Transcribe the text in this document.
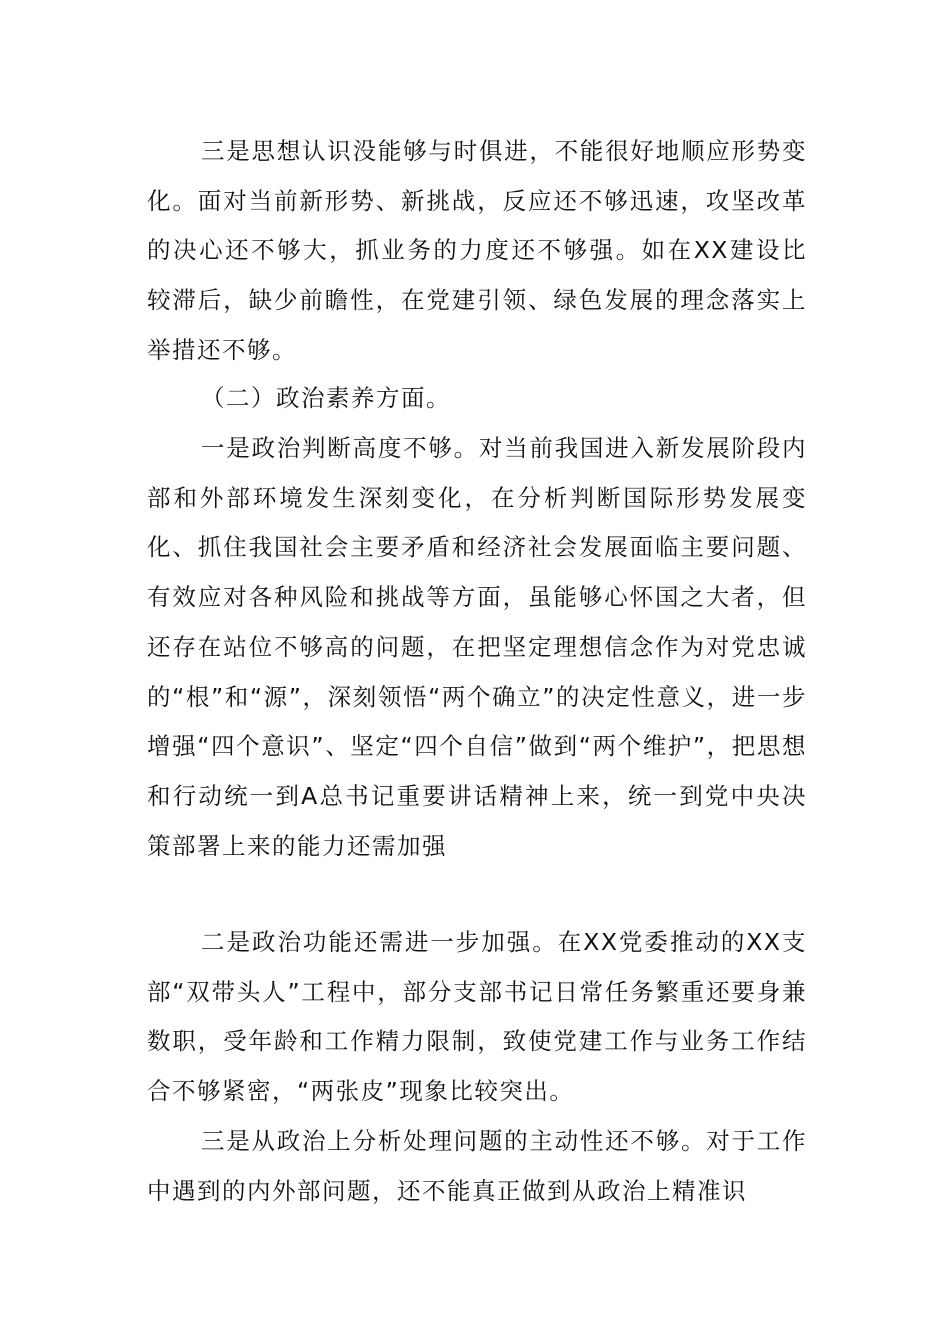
三是思想认识没能够与时俱进，不能很好地顺应形势变化。面对当前新形势、新挑战，反应还不够迅速，攻坚改革的决心还不够大，抓业务的力度还不够强。如在XX建设比较滞后，缺少前瞻性，在党建引领、绿色发展的理念落实上举措还不够。

（二）政治素养方面。

一是政治判断高度不够。对当前我国进入新发展阶段内部和外部环境发生深刻变化，在分析判断国际形势发展变化、抓住我国社会主要矛盾和经济社会发展面临主要问题、有效应对各种风险和挑战等方面，虽能够心怀国之大者，但还存在站位不够高的问题，在把坚定理想信念作为对党忠诚的“根”和“源”，深刻领悟“两个确立”的决定性意义，进一步增强“四个意识”、坚定“四个自信”做到“两个维护”，把思想和行动统一到A总书记重要讲话精神上来，统一到党中央决策部署上来的能力还需加强

二是政治功能还需进一步加强。在XX党委推动的XX支部“双带头人”工程中，部分支部书记日常任务繁重还要身兼数职，受年龄和工作精力限制，致使党建工作与业务工作结合不够紧密，“两张皮”现象比较突出。

三是从政治上分析处理问题的主动性还不够。对于工作中遇到的内外部问题，还不能真正做到从政治上精准识
